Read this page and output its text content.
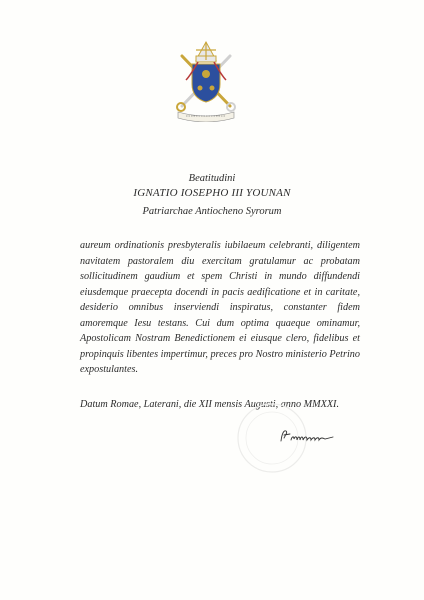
Beatitudini
IGNATIO IOSEPHO III YOUNAN
Patriarchae Antiocheno Syrorum

aureum ordinationis presbyteralis iubilaeum celebranti, diligentem navitatem pastoralem diu exercitam gratulamur ac probatam sollicitudinem gaudium et spem Christi in mundo diffundendi eiusdemque praecepta docendi in pacis aedificatione et in caritate, desiderio omnibus inserviendi inspiratus, constanter fidem amoremque Iesu testans. Cui dum optima quaeque ominamur, Apostolicam Nostram Benedictionem ei eiusque clero, fidelibus et propinquis libentes impertimur, preces pro Nostro ministerio Petrino expostulantes.

Datum Romae, Laterani, die XII mensis Augusti, anno MMXXI.
